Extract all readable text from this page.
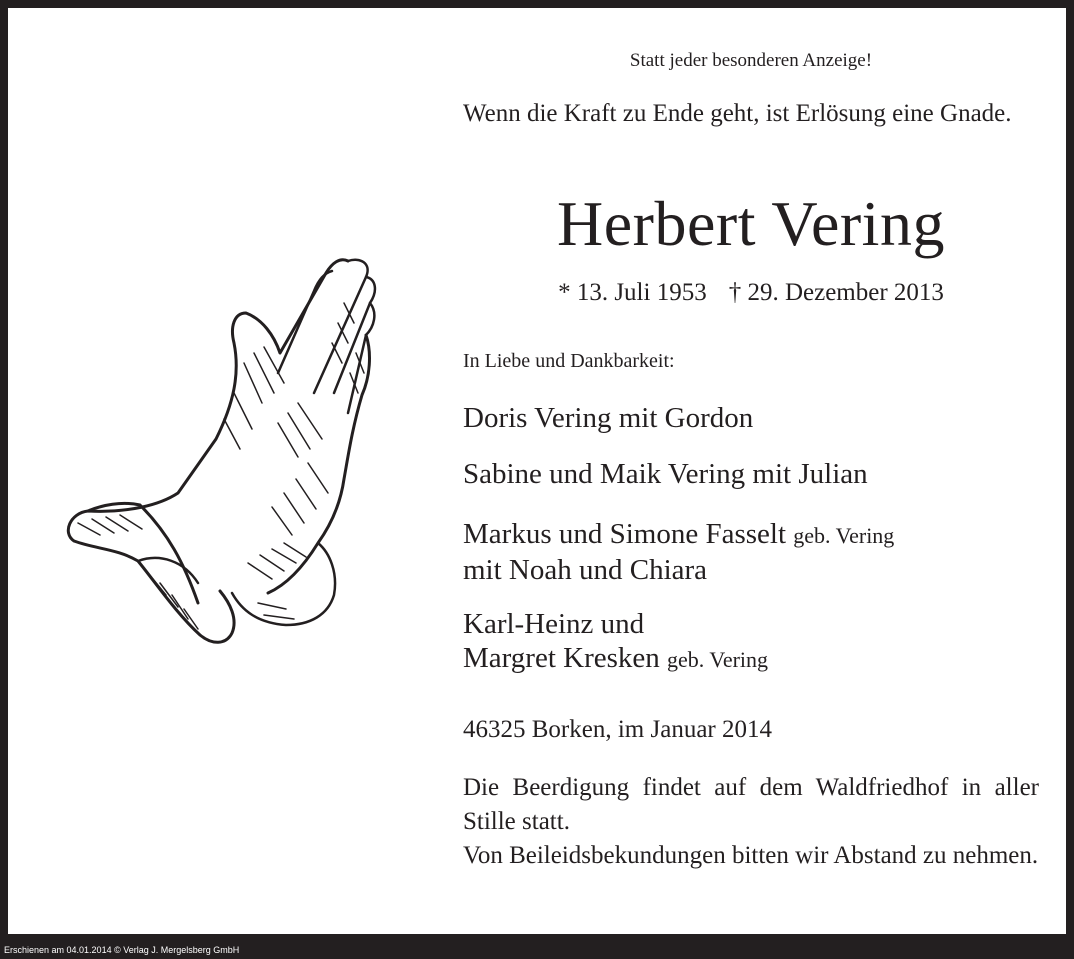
Statt jeder besonderen Anzeige!
Wenn die Kraft zu Ende geht, ist Erlösung eine Gnade.
Herbert Vering
* 13. Juli 1953 † 29. Dezember 2013
In Liebe und Dankbarkeit:
Doris Vering mit Gordon
Sabine und Maik Vering mit Julian
Markus und Simone Fasselt geb. Vering
mit Noah und Chiara
Karl-Heinz und
Margret Kresken geb. Vering
46325 Borken, im Januar 2014

Die Beerdigung findet auf dem Waldfriedhof in aller Stille statt.

Von Beileidsbekundungen bitten wir Abstand zu nehmen.

Erschienen am 04.01.2014 © Verlag J. Mergelsberg GmbH
